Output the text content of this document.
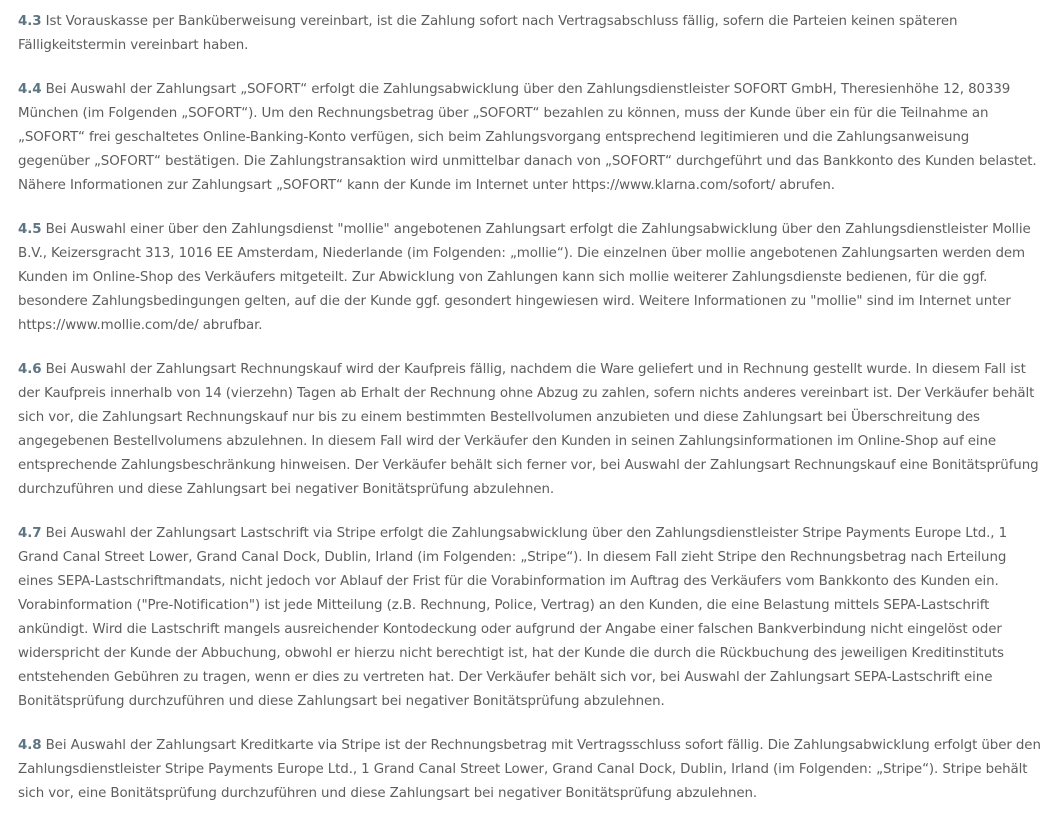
4.3 Ist Vorauskasse per Banküberweisung vereinbart, ist die Zahlung sofort nach Vertragsabschluss fällig, sofern die Parteien keinen späteren Fälligkeitstermin vereinbart haben.

4.4 Bei Auswahl der Zahlungsart „SOFORT“ erfolgt die Zahlungsabwicklung über den Zahlungsdienstleister SOFORT GmbH, Theresienhöhe 12, 80339 München (im Folgenden „SOFORT“). Um den Rechnungsbetrag über „SOFORT“ bezahlen zu können, muss der Kunde über ein für die Teilnahme an „SOFORT“ frei geschaltetes Online-Banking-Konto verfügen, sich beim Zahlungsvorgang entsprechend legitimieren und die Zahlungsanweisung gegenüber „SOFORT“ bestätigen. Die Zahlungstransaktion wird unmittelbar danach von „SOFORT“ durchgeführt und das Bankkonto des Kunden belastet. Nähere Informationen zur Zahlungsart „SOFORT“ kann der Kunde im Internet unter https://www.klarna.com/sofort/ abrufen.

4.5 Bei Auswahl einer über den Zahlungsdienst "mollie" angebotenen Zahlungsart erfolgt die Zahlungsabwicklung über den Zahlungsdienstleister Mollie B.V., Keizersgracht 313, 1016 EE Amsterdam, Niederlande (im Folgenden: „mollie“). Die einzelnen über mollie angebotenen Zahlungsarten werden dem Kunden im Online-Shop des Verkäufers mitgeteilt. Zur Abwicklung von Zahlungen kann sich mollie weiterer Zahlungsdienste bedienen, für die ggf. besondere Zahlungsbedingungen gelten, auf die der Kunde ggf. gesondert hingewiesen wird. Weitere Informationen zu "mollie" sind im Internet unter https://www.mollie.com/de/ abrufbar.

4.6 Bei Auswahl der Zahlungsart Rechnungskauf wird der Kaufpreis fällig, nachdem die Ware geliefert und in Rechnung gestellt wurde. In diesem Fall ist der Kaufpreis innerhalb von 14 (vierzehn) Tagen ab Erhalt der Rechnung ohne Abzug zu zahlen, sofern nichts anderes vereinbart ist. Der Verkäufer behält sich vor, die Zahlungsart Rechnungskauf nur bis zu einem bestimmten Bestellvolumen anzubieten und diese Zahlungsart bei Überschreitung des angegebenen Bestellvolumens abzulehnen. In diesem Fall wird der Verkäufer den Kunden in seinen Zahlungsinformationen im Online-Shop auf eine entsprechende Zahlungsbeschränkung hinweisen. Der Verkäufer behält sich ferner vor, bei Auswahl der Zahlungsart Rechnungskauf eine Bonitätsprüfung durchzuführen und diese Zahlungsart bei negativer Bonitätsprüfung abzulehnen.

4.7 Bei Auswahl der Zahlungsart Lastschrift via Stripe erfolgt die Zahlungsabwicklung über den Zahlungsdienstleister Stripe Payments Europe Ltd., 1 Grand Canal Street Lower, Grand Canal Dock, Dublin, Irland (im Folgenden: „Stripe“). In diesem Fall zieht Stripe den Rechnungsbetrag nach Erteilung eines SEPA-Lastschriftmandats, nicht jedoch vor Ablauf der Frist für die Vorabinformation im Auftrag des Verkäufers vom Bankkonto des Kunden ein. Vorabinformation ("Pre-Notification") ist jede Mitteilung (z.B. Rechnung, Police, Vertrag) an den Kunden, die eine Belastung mittels SEPA-Lastschrift ankündigt. Wird die Lastschrift mangels ausreichender Kontodeckung oder aufgrund der Angabe einer falschen Bankverbindung nicht eingelöst oder widerspricht der Kunde der Abbuchung, obwohl er hierzu nicht berechtigt ist, hat der Kunde die durch die Rückbuchung des jeweiligen Kreditinstituts entstehenden Gebühren zu tragen, wenn er dies zu vertreten hat. Der Verkäufer behält sich vor, bei Auswahl der Zahlungsart SEPA-Lastschrift eine Bonitätsprüfung durchzuführen und diese Zahlungsart bei negativer Bonitätsprüfung abzulehnen.

4.8 Bei Auswahl der Zahlungsart Kreditkarte via Stripe ist der Rechnungsbetrag mit Vertragsschluss sofort fällig. Die Zahlungsabwicklung erfolgt über den Zahlungsdienstleister Stripe Payments Europe Ltd., 1 Grand Canal Street Lower, Grand Canal Dock, Dublin, Irland (im Folgenden: „Stripe“). Stripe behält sich vor, eine Bonitätsprüfung durchzuführen und diese Zahlungsart bei negativer Bonitätsprüfung abzulehnen.
